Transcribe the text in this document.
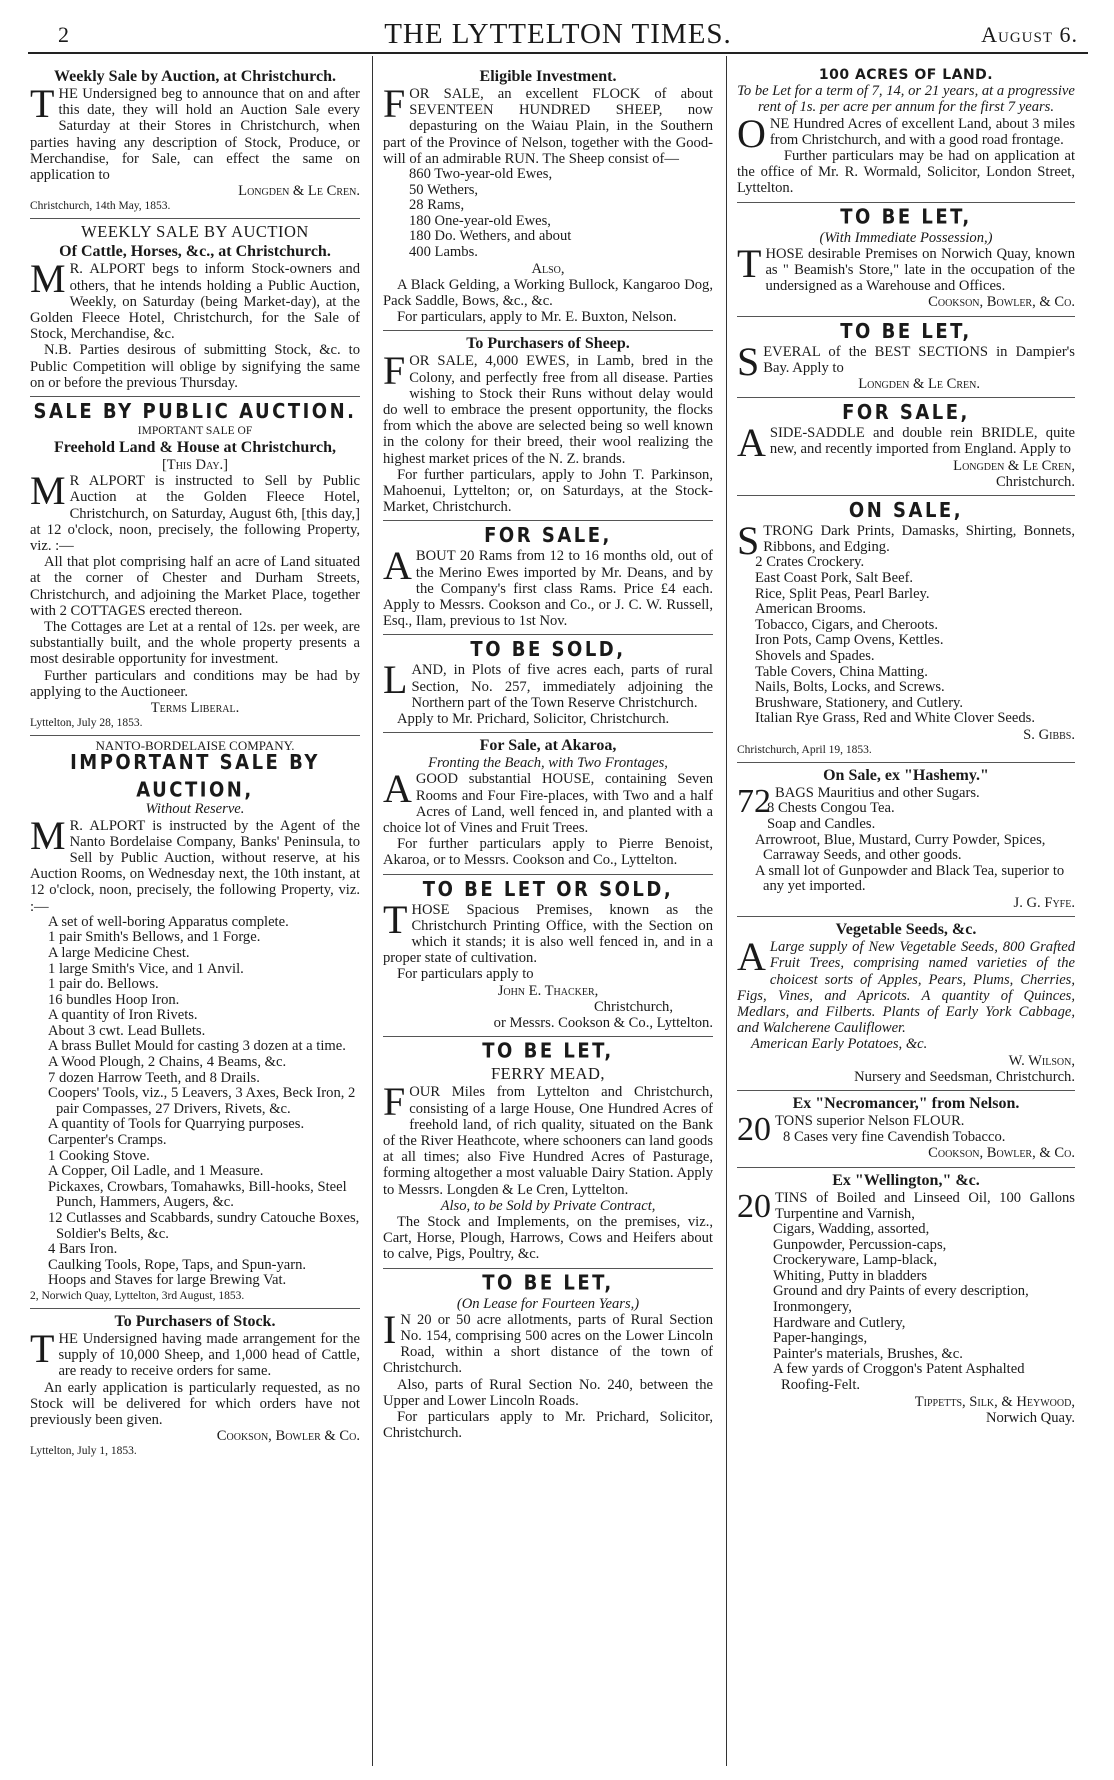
2	THE LYTTELTON TIMES.	August 6.
Weekly Sale by Auction, at Christchurch.

THE Undersigned beg to announce that on and after this date, they will hold an Auction Sale every Saturday at their Stores in Christchurch, when parties having any description of Stock, Produce, or Merchandise, for Sale, can effect the same on application to

Longden & Le Cren.
Christchurch, 14th May, 1853.
WEEKLY SALE BY AUCTION
Of Cattle, Horses, &c., at Christchurch.

M R. ALPORT begs to inform Stock-owners and others, that he intends holding a Public Auction, Weekly, on Saturday (being Market-day), at the Golden Fleece Hotel, Christchurch, for the Sale of Stock, Merchandise, &c.

N.B. Parties desirous of submitting Stock, &c. to Public Competition will oblige by signifying the same on or before the previous Thursday.

SALE BY PUBLIC AUCTION.
IMPORTANT SALE OF
Freehold Land & House at Christchurch,
[This Day.]

M R ALPORT is instructed to Sell by Public Auction at the Golden Fleece Hotel, Christchurch, on Saturday, August 6th, [this day,] at 12 o'clock, noon, precisely, the following Property, viz. :—

All that plot comprising half an acre of Land situated at the corner of Chester and Durham Streets, Christchurch, and adjoining the Market Place, together with 2 COTTAGES erected thereon.

The Cottages are Let at a rental of 12s. per week, are substantially built, and the whole property presents a most desirable opportunity for investment.

Further particulars and conditions may be had by applying to the Auctioneer.

Terms Liberal.
Lyttelton, July 28, 1853.
NANTO-BORDELAISE COMPANY.
IMPORTANT SALE BY AUCTION,
Without Reserve.

M R. ALPORT is instructed by the Agent of the Nanto Bordelaise Company, Banks' Peninsula, to Sell by Public Auction, without reserve, at his Auction Rooms, on Wednesday next, the 10th instant, at 12 o'clock, noon, precisely, the following Property, viz. :—

A set of well-boring Apparatus complete.
1 pair Smith's Bellows, and 1 Forge.
A large Medicine Chest.
1 large Smith's Vice, and 1 Anvil.
1 pair do. Bellows.
16 bundles Hoop Iron.
A quantity of Iron Rivets.
About 3 cwt. Lead Bullets.
A brass Bullet Mould for casting 3 dozen at a time.
A Wood Plough, 2 Chains, 4 Beams, &c.
7 dozen Harrow Teeth, and 8 Drails.
Coopers' Tools, viz., 5 Leavers, 3 Axes, Beck Iron, 2 pair Compasses, 27 Drivers, Rivets, &c.
A quantity of Tools for Quarrying purposes.
Carpenter's Cramps.
1 Cooking Stove.
A Copper, Oil Ladle, and 1 Measure.
Pickaxes, Crowbars, Tomahawks, Bill-hooks, Steel Punch, Hammers, Augers, &c.
12 Cutlasses and Scabbards, sundry Catouche Boxes, Soldier's Belts, &c.
4 Bars Iron.
Caulking Tools, Rope, Taps, and Spun-yarn.
Hoops and Staves for large Brewing Vat.
2, Norwich Quay, Lyttelton, 3rd August, 1853.
To Purchasers of Stock.

THE Undersigned having made arrangement for the supply of 10,000 Sheep, and 1,000 head of Cattle, are ready to receive orders for same.

An early application is particularly requested, as no Stock will be delivered for which orders have not previously been given.

Cookson, Bowler & Co.
Lyttelton, July 1, 1853.
Eligible Investment.

FOR SALE, an excellent FLOCK of about SEVENTEEN HUNDRED SHEEP, now depasturing on the Waiau Plain, in the Southern part of the Province of Nelson, together with the Good-will of an admirable RUN. The Sheep consist of—

860 Two-year-old Ewes,
50 Wethers,
28 Rams,
180 One-year-old Ewes,
180 Do. Wethers, and about
400 Lambs.
Also,

A Black Gelding, a Working Bullock, Kangaroo Dog, Pack Saddle, Bows, &c., &c.

For particulars, apply to Mr. E. Buxton, Nelson.

To Purchasers of Sheep.

FOR SALE, 4,000 EWES, in Lamb, bred in the Colony, and perfectly free from all disease. Parties wishing to Stock their Runs without delay would do well to embrace the present opportunity, the flocks from which the above are selected being so well known in the colony for their breed, their wool realizing the highest market prices of the N. Z. brands.

For further particulars, apply to John T. Parkinson, Mahoenui, Lyttelton; or, on Saturdays, at the Stock-Market, Christchurch.

FOR SALE,

ABOUT 20 Rams from 12 to 16 months old, out of the Merino Ewes imported by Mr. Deans, and by the Company's first class Rams. Price £4 each. Apply to Messrs. Cookson and Co., or J. C. W. Russell, Esq., Ilam, previous to 1st Nov.

TO BE SOLD,

LAND, in Plots of five acres each, parts of rural Section, No. 257, immediately adjoining the Northern part of the Town Reserve Christchurch.

Apply to Mr. Prichard, Solicitor, Christchurch.

For Sale, at Akaroa,
Fronting the Beach, with Two Frontages,

AGOOD substantial HOUSE, containing Seven Rooms and Four Fire-places, with Two and a half Acres of Land, well fenced in, and planted with a choice lot of Vines and Fruit Trees.

For further particulars apply to Pierre Benoist, Akaroa, or to Messrs. Cookson and Co., Lyttelton.

TO BE LET OR SOLD,

THOSE Spacious Premises, known as the Christchurch Printing Office, with the Section on which it stands; it is also well fenced in, and in a proper state of cultivation.

For particulars apply to

John E. Thacker,
Christchurch,
or Messrs. Cookson & Co., Lyttelton.
TO BE LET,
FERRY MEAD,

FOUR Miles from Lyttelton and Christchurch, consisting of a large House, One Hundred Acres of freehold land, of rich quality, situated on the Bank of the River Heathcote, where schooners can land goods at all times; also Five Hundred Acres of Pasturage, forming altogether a most valuable Dairy Station. Apply to Messrs. Longden & Le Cren, Lyttelton.

Also, to be Sold by Private Contract,

The Stock and Implements, on the premises, viz., Cart, Horse, Plough, Harrows, Cows and Heifers about to calve, Pigs, Poultry, &c.

TO BE LET,
(On Lease for Fourteen Years,)

I N 20 or 50 acre allotments, parts of Rural Section No. 154, comprising 500 acres on the Lower Lincoln Road, within a short distance of the town of Christchurch.

Also, parts of Rural Section No. 240, between the Upper and Lower Lincoln Roads.

For particulars apply to Mr. Prichard, Solicitor, Christchurch.

100 ACRES OF LAND.
To be Let for a term of 7, 14, or 21 years, at a progressive rent of 1s. per acre per annum for the first 7 years.

ONE Hundred Acres of excellent Land, about 3 miles from Christchurch, and with a good road frontage.

Further particulars may be had on application at the office of Mr. R. Wormald, Solicitor, London Street, Lyttelton.

TO BE LET,
(With Immediate Possession,)

THOSE desirable Premises on Norwich Quay, known as " Beamish's Store," late in the occupation of the undersigned as a Warehouse and Offices.

Cookson, Bowler, & Co.
TO BE LET,

SEVERAL of the BEST SECTIONS in Dampier's Bay. Apply to

Longden & Le Cren.
FOR SALE,

ASIDE-SADDLE and double rein BRIDLE, quite new, and recently imported from England. Apply to

Longden & Le Cren,
Christchurch.
ON SALE,

STRONG Dark Prints, Damasks, Shirting, Bonnets, Ribbons, and Edging.

2 Crates Crockery.
East Coast Pork, Salt Beef.
Rice, Split Peas, Pearl Barley.
American Brooms.
Tobacco, Cigars, and Cheroots.
Iron Pots, Camp Ovens, Kettles.
Shovels and Spades.
Table Covers, China Matting.
Nails, Bolts, Locks, and Screws.
Brushware, Stationery, and Cutlery.
Italian Rye Grass, Red and White Clover Seeds.
S. Gibbs.
Christchurch, April 19, 1853.
On Sale, ex "Hashemy."

72 BAGS Mauritius and other Sugars.

8 Chests Congou Tea.
Soap and Candles.
Arrowroot, Blue, Mustard, Curry Powder, Spices, Carraway Seeds, and other goods.
A small lot of Gunpowder and Black Tea, superior to any yet imported.
J. G. Fyfe.
Vegetable Seeds, &c.

A Large supply of New Vegetable Seeds, 800 Grafted Fruit Trees, comprising named varieties of the choicest sorts of Apples, Pears, Plums, Cherries, Figs, Vines, and Apricots. A quantity of Quinces, Medlars, and Filberts. Plants of Early York Cabbage, and Walcherene Cauliflower.

American Early Potatoes, &c.
W. Wilson,
Nursery and Seedsman, Christchurch.
Ex "Necromancer," from Nelson.

20 TONS superior Nelson FLOUR.

8 Cases very fine Cavendish Tobacco.
Cookson, Bowler, & Co.
Ex "Wellington," &c.

20 TINS of Boiled and Linseed Oil, 100 Gallons Turpentine and Varnish,

Cigars, Wadding, assorted,
Gunpowder, Percussion-caps,
Crockeryware, Lamp-black,
Whiting, Putty in bladders
Ground and dry Paints of every description,
Ironmongery,
Hardware and Cutlery,
Paper-hangings,
Painter's materials, Brushes, &c.
A few yards of Croggon's Patent Asphalted Roofing-Felt.
Tippetts, Silk, & Heywood,
Norwich Quay.
